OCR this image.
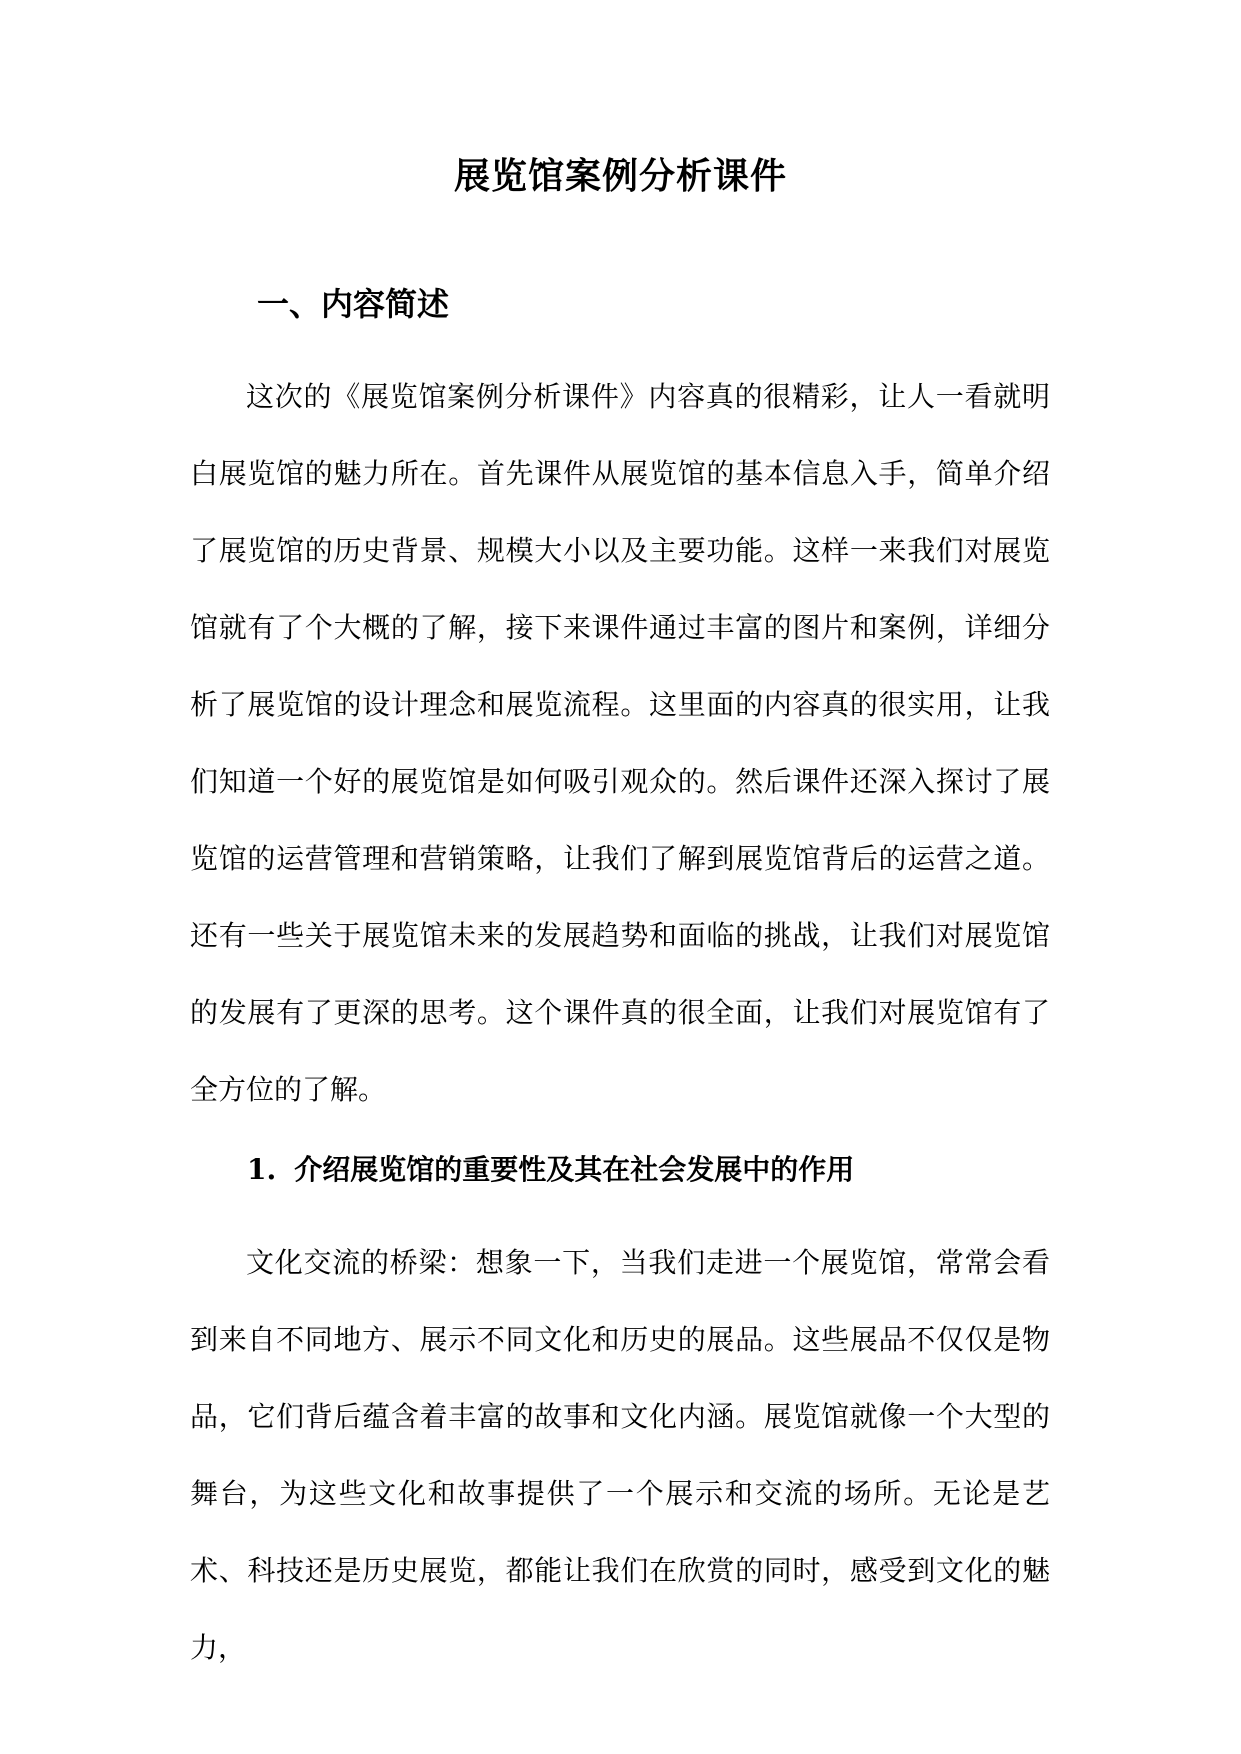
展览馆案例分析课件
一、内容简述

这次的《展览馆案例分析课件》内容真的很精彩，让人一看就明白展览馆的魅力所在。首先课件从展览馆的基本信息入手，简单介绍了展览馆的历史背景、规模大小以及主要功能。这样一来我们对展览馆就有了个大概的了解，接下来课件通过丰富的图片和案例，详细分析了展览馆的设计理念和展览流程。这里面的内容真的很实用，让我们知道一个好的展览馆是如何吸引观众的。然后课件还深入探讨了展览馆的运营管理和营销策略，让我们了解到展览馆背后的运营之道。还有一些关于展览馆未来的发展趋势和面临的挑战，让我们对展览馆的发展有了更深的思考。这个课件真的很全面，让我们对展览馆有了全方位的了解。

1. 介绍展览馆的重要性及其在社会发展中的作用

文化交流的桥梁：想象一下，当我们走进一个展览馆，常常会看到来自不同地方、展示不同文化和历史的展品。这些展品不仅仅是物品，它们背后蕴含着丰富的故事和文化内涵。展览馆就像一个大型的舞台，为这些文化和故事提供了一个展示和交流的场所。无论是艺术、科技还是历史展览，都能让我们在欣赏的同时，感受到文化的魅力，
